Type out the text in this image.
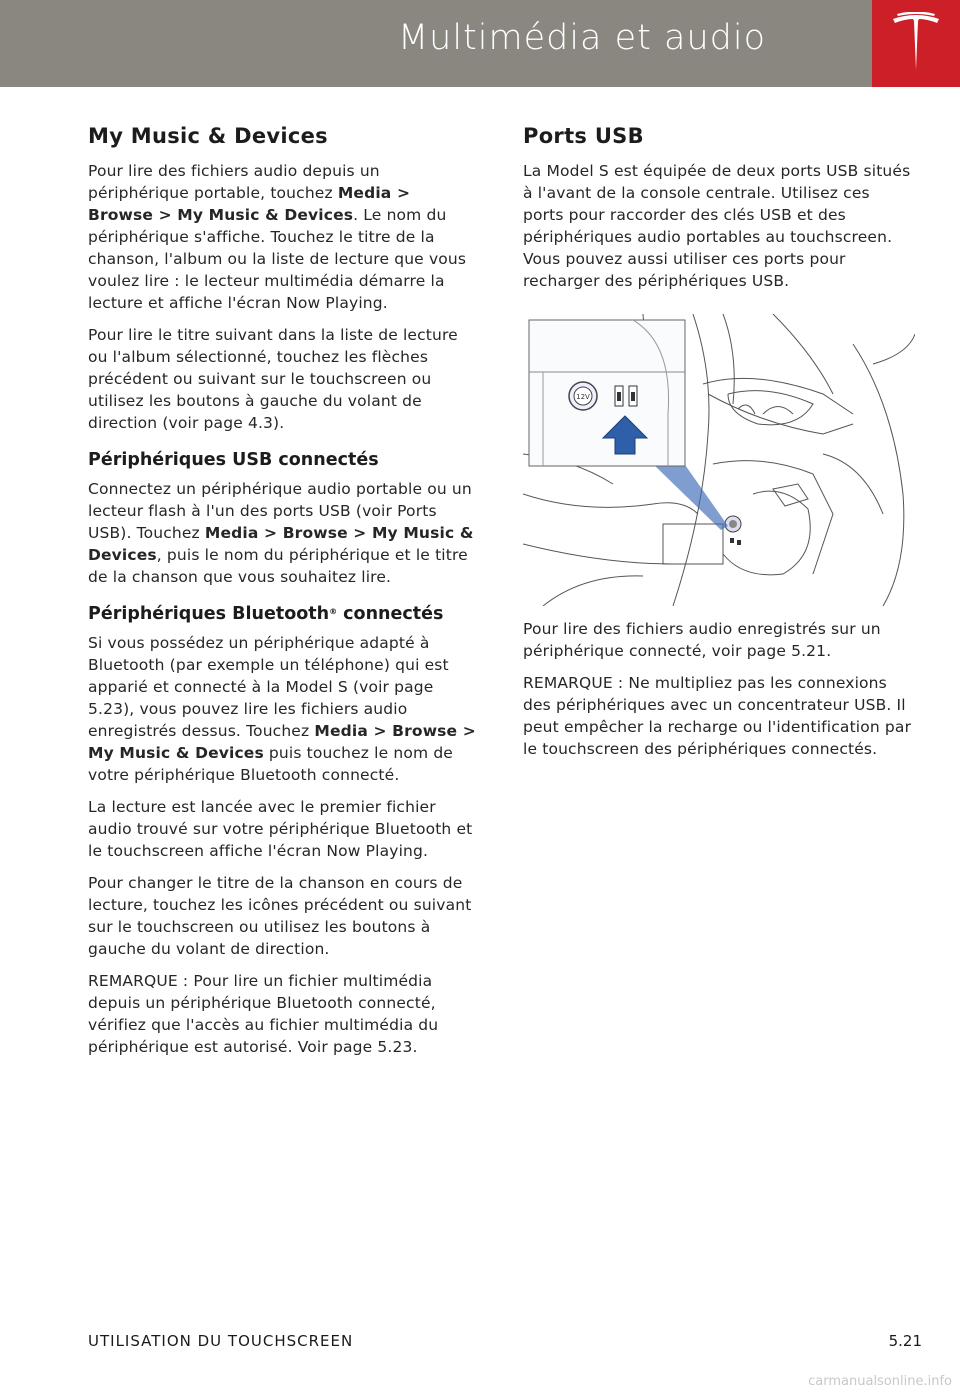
Multimédia et audio
My Music & Devices

Pour lire des fichiers audio depuis un périphérique portable, touchez Media > Browse > My Music & Devices. Le nom du périphérique s'affiche. Touchez le titre de la chanson, l'album ou la liste de lecture que vous voulez lire : le lecteur multimédia démarre la lecture et affiche l'écran Now Playing.

Pour lire le titre suivant dans la liste de lecture ou l'album sélectionné, touchez les flèches précédent ou suivant sur le touchscreen ou utilisez les boutons à gauche du volant de direction (voir page 4.3).

Périphériques USB connectés

Connectez un périphérique audio portable ou un lecteur flash à l'un des ports USB (voir Ports USB). Touchez Media > Browse > My Music & Devices, puis le nom du périphérique et le titre de la chanson que vous souhaitez lire.

Périphériques Bluetooth® connectés

Si vous possédez un périphérique adapté à Bluetooth (par exemple un téléphone) qui est apparié et connecté à la Model S (voir page 5.23), vous pouvez lire les fichiers audio enregistrés dessus. Touchez Media > Browse > My Music & Devices puis touchez le nom de votre périphérique Bluetooth connecté.

La lecture est lancée avec le premier fichier audio trouvé sur votre périphérique Bluetooth et le touchscreen affiche l'écran Now Playing.

Pour changer le titre de la chanson en cours de lecture, touchez les icônes précédent ou suivant sur le touchscreen ou utilisez les boutons à gauche du volant de direction.

REMARQUE : Pour lire un fichier multimédia depuis un périphérique Bluetooth connecté, vérifiez que l'accès au fichier multimédia du périphérique est autorisé. Voir page 5.23.

Ports USB

La Model S est équipée de deux ports USB situés à l'avant de la console centrale. Utilisez ces ports pour raccorder des clés USB et des périphériques audio portables au touchscreen. Vous pouvez aussi utiliser ces ports pour recharger des périphériques USB.

12V

Pour lire des fichiers audio enregistrés sur un périphérique connecté, voir page 5.21.

REMARQUE : Ne multipliez pas les connexions des périphériques avec un concentrateur USB. Il peut empêcher la recharge ou l'identification par le touchscreen des périphériques connectés.

UTILISATION DU TOUCHSCREEN	5.21
carmanualsonline.info
